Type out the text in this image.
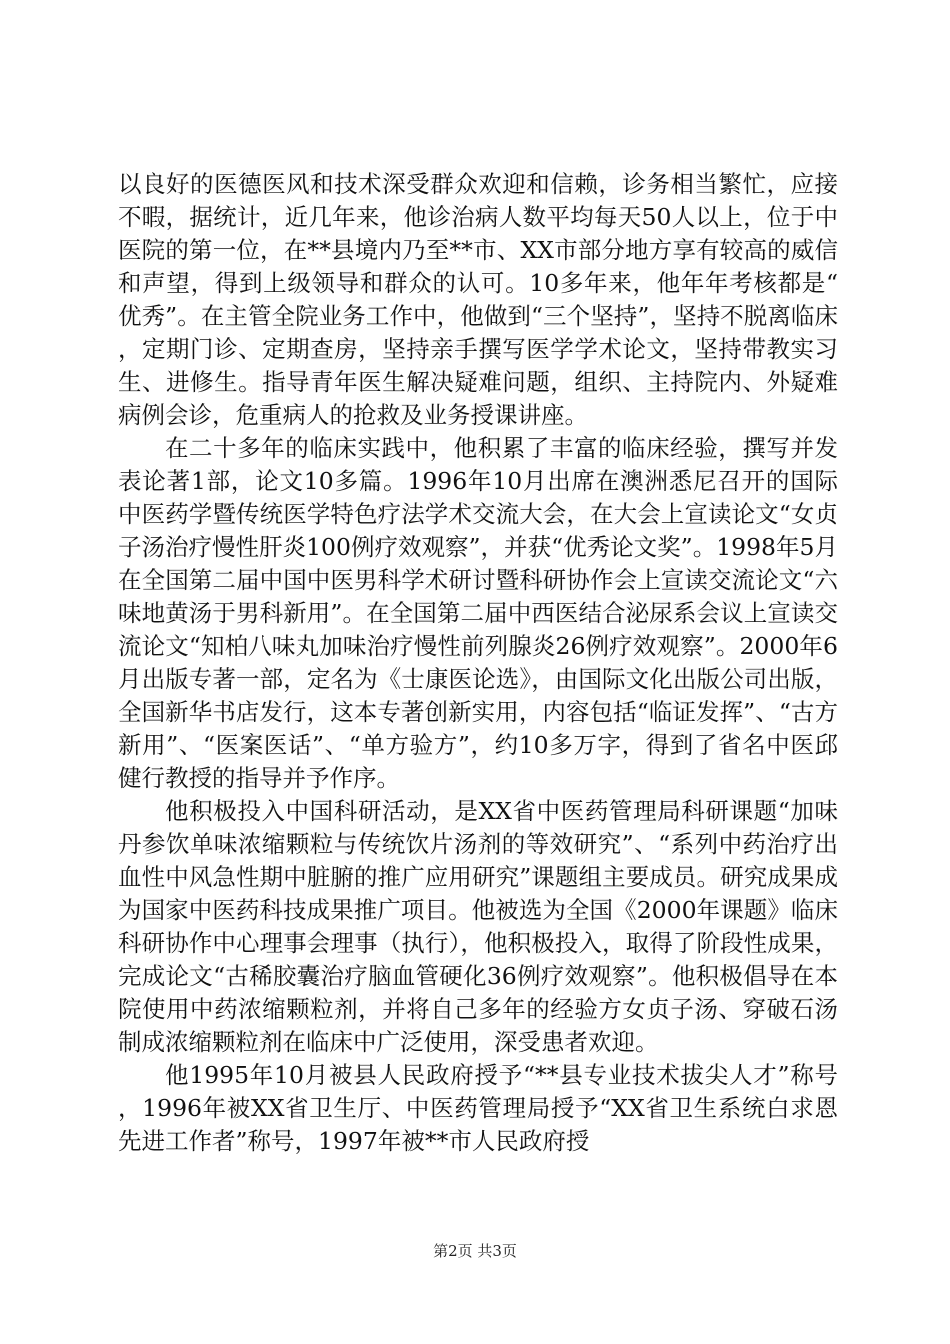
以良好的医德医风和技术深受群众欢迎和信赖，诊务相当繁忙，应接不暇，据统计，近几年来，他诊治病人数平均每天50人以上，位于中医院的第一位，在**县境内乃至**市、XX市部分地方享有较高的威信和声望，得到上级领导和群众的认可。10多年来，他年年考核都是“优秀”。在主管全院业务工作中，他做到“三个坚持”，坚持不脱离临床，定期门诊、定期查房，坚持亲手撰写医学学术论文，坚持带教实习生、进修生。指导青年医生解决疑难问题，组织、主持院内、外疑难病例会诊，危重病人的抢救及业务授课讲座。

在二十多年的临床实践中，他积累了丰富的临床经验，撰写并发表论著1部，论文10多篇。1996年10月出席在澳洲悉尼召开的国际中医药学暨传统医学特色疗法学术交流大会，在大会上宣读论文“女贞子汤治疗慢性肝炎100例疗效观察”，并获“优秀论文奖”。1998年5月在全国第二届中国中医男科学术研讨暨科研协作会上宣读交流论文“六味地黄汤于男科新用”。在全国第二届中西医结合泌尿系会议上宣读交流论文“知柏八味丸加味治疗慢性前列腺炎26例疗效观察”。2000年6月出版专著一部，定名为《士康医论选》，由国际文化出版公司出版，全国新华书店发行，这本专著创新实用，内容包括“临证发挥”、“古方新用”、“医案医话”、“单方验方”，约10多万字，得到了省名中医邱健行教授的指导并予作序。

他积极投入中国科研活动，是XX省中医药管理局科研课题“加味丹参饮单味浓缩颗粒与传统饮片汤剂的等效研究”、“系列中药治疗出血性中风急性期中脏腑的推广应用研究”课题组主要成员。研究成果成为国家中医药科技成果推广项目。他被选为全国《2000年课题》临床科研协作中心理事会理事（执行），他积极投入，取得了阶段性成果，完成论文“古稀胶囊治疗脑血管硬化36例疗效观察”。他积极倡导在本院使用中药浓缩颗粒剂，并将自己多年的经验方女贞子汤、穿破石汤制成浓缩颗粒剂在临床中广泛使用，深受患者欢迎。

他1995年10月被县人民政府授予“**县专业技术拔尖人才”称号，1996年被XX省卫生厅、中医药管理局授予“XX省卫生系统白求恩先进工作者”称号，1997年被**市人民政府授

第2页 共3页
